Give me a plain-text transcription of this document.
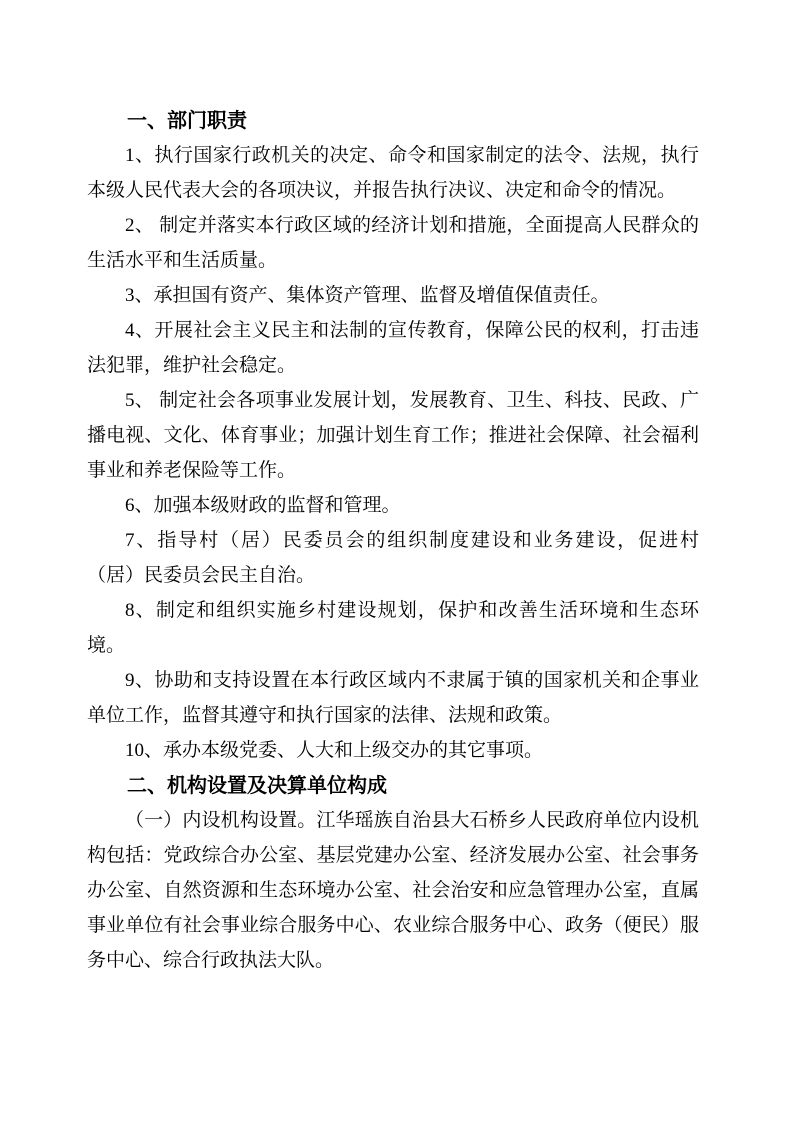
一、部门职责
1、执行国家行政机关的决定、命令和国家制定的法令、法规，执行
本级人民代表大会的各项决议，并报告执行决议、决定和命令的情况。
2、 制定并落实本行政区域的经济计划和措施，全面提高人民群众的
生活水平和生活质量。
3、承担国有资产、集体资产管理、监督及增值保值责任。
4、开展社会主义民主和法制的宣传教育，保障公民的权利，打击违
法犯罪，维护社会稳定。
5、 制定社会各项事业发展计划，发展教育、卫生、科技、民政、广
播电视、文化、体育事业；加强计划生育工作；推进社会保障、社会福利
事业和养老保险等工作。
6、加强本级财政的监督和管理。
7、指导村（居）民委员会的组织制度建设和业务建设，促进村
（居）民委员会民主自治。
8、制定和组织实施乡村建设规划，保护和改善生活环境和生态环
境。
9、协助和支持设置在本行政区域内不隶属于镇的国家机关和企事业
单位工作，监督其遵守和执行国家的法律、法规和政策。
10、承办本级党委、人大和上级交办的其它事项。
二、机构设置及决算单位构成
（一）内设机构设置。江华瑶族自治县大石桥乡人民政府单位内设机
构包括：党政综合办公室、基层党建办公室、经济发展办公室、社会事务
办公室、自然资源和生态环境办公室、社会治安和应急管理办公室，直属
事业单位有社会事业综合服务中心、农业综合服务中心、政务（便民）服
务中心、综合行政执法大队。
